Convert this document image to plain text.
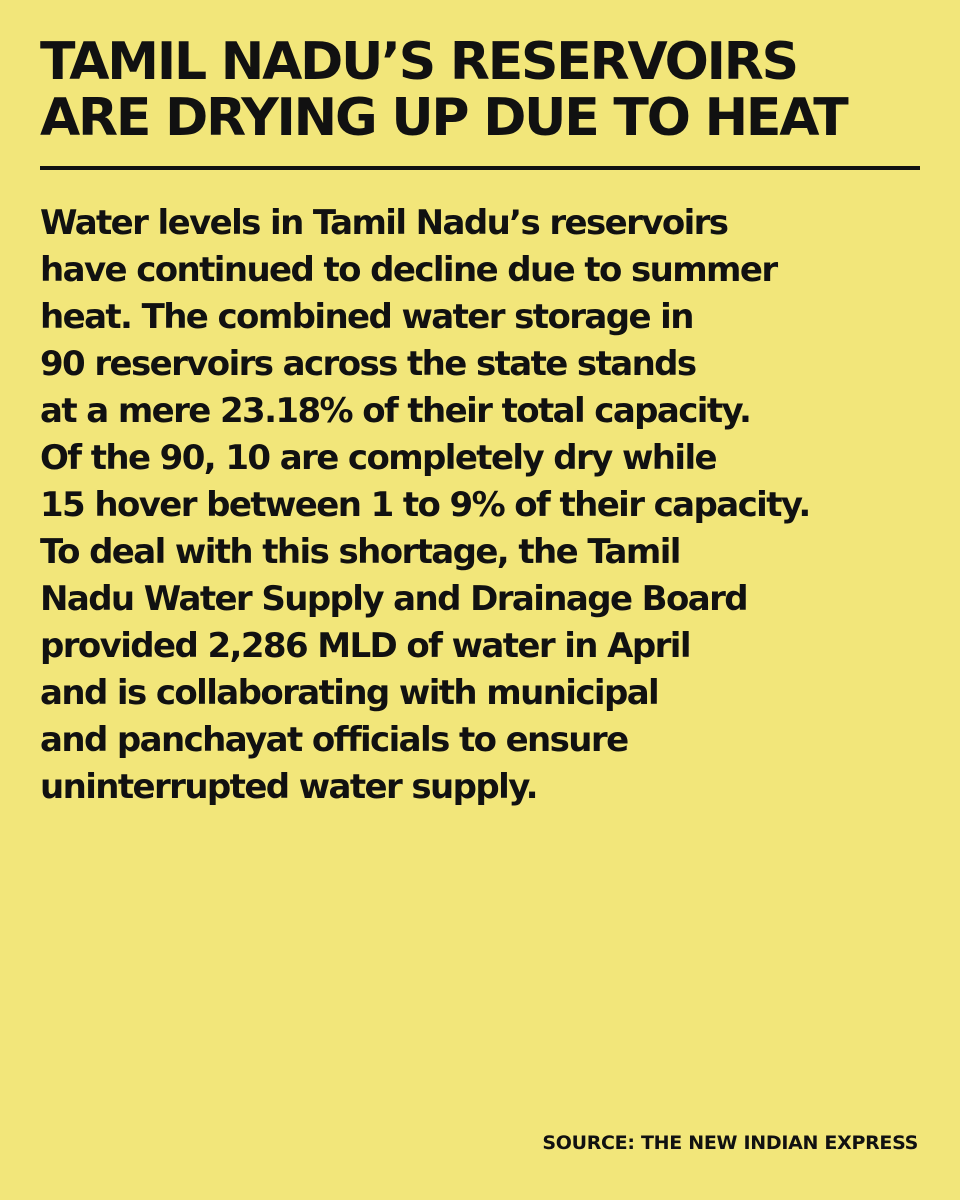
TAMIL NADU’S RESERVOIRS
ARE DRYING UP DUE TO HEAT
Water levels in Tamil Nadu’s reservoirs
have continued to decline due to summer
heat. The combined water storage in
90 reservoirs across the state stands
at a mere 23.18% of their total capacity.
Of the 90, 10 are completely dry while
15 hover between 1 to 9% of their capacity.
To deal with this shortage, the Tamil
Nadu Water Supply and Drainage Board
provided 2,286 MLD of water in April
and is collaborating with municipal
and panchayat officials to ensure
uninterrupted water supply.

SOURCE: THE NEW INDIAN EXPRESS
